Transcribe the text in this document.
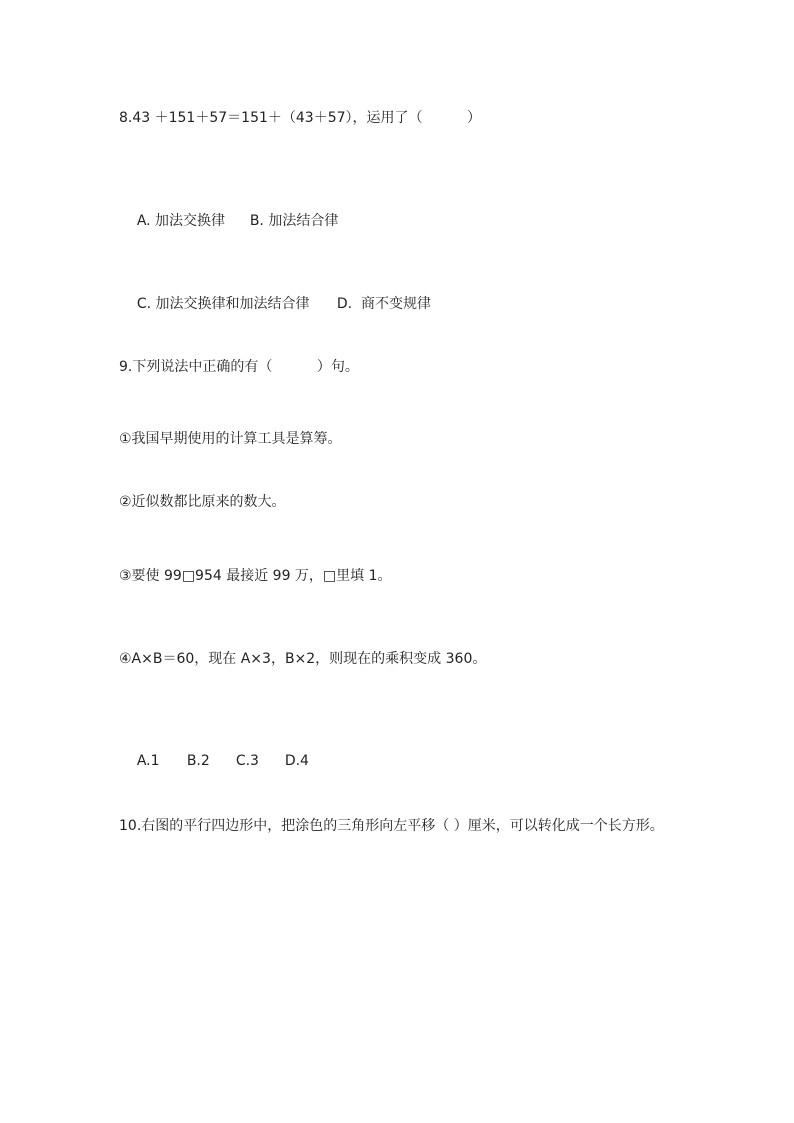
8.43 ＋151＋57＝151＋（43＋57），运用了（          ）

A. 加法交换律 B. 加法结合律

C. 加法交换律和加法结合律 D.  商不变规律

9.下列说法中正确的有（          ）句。
①我国早期使用的计算工具是算筹。
②近似数都比原来的数大。
③要使 99□954 最接近 99 万，□里填 1。
④A×B＝60，现在 A×3，B×2，则现在的乘积变成 360。

A.1 B.2 C.3 D.4

10.右图的平行四边形中，把涂色的三角形向左平移（ ）厘米，可以转化成一个长方形。
